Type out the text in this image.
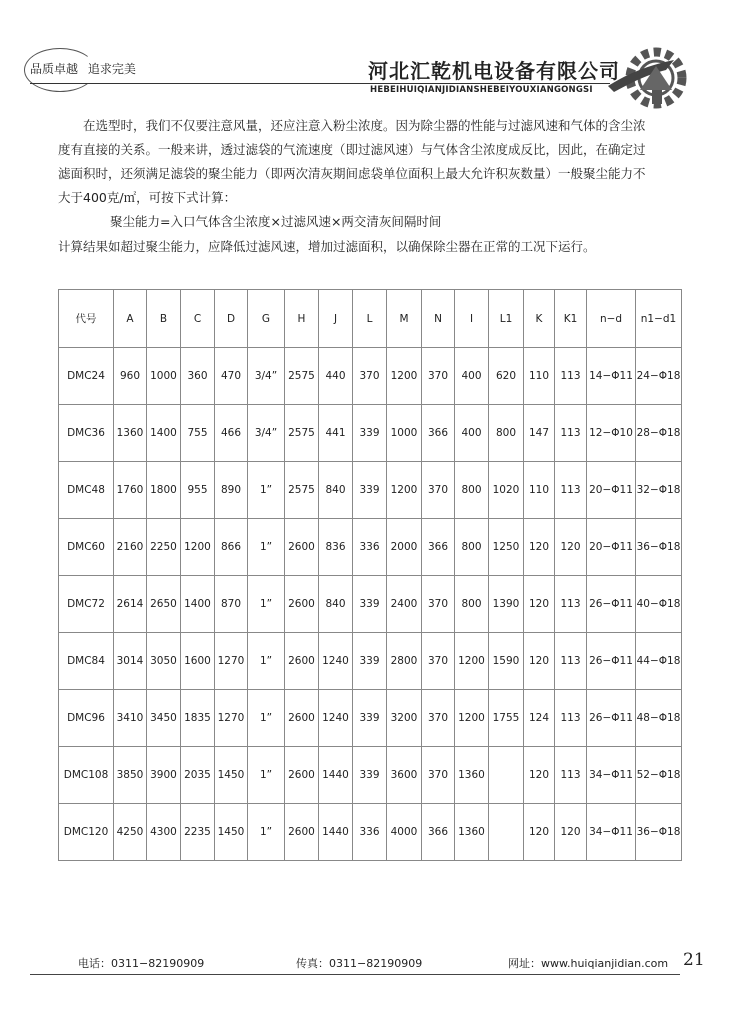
品质卓越 追求完美	河北汇乾机电设备有限公司
HEBEIHUIQIANJIDIANSHEBEIYOUXIANGONGSI
在选型时，我们不仅要注意风量，还应注意入粉尘浓度。因为除尘器的性能与过滤风速和气体的含尘浓
度有直接的关系。一般来讲，透过滤袋的气流速度（即过滤风速）与气体含尘浓度成反比，因此，在确定过
滤面积时，还须满足滤袋的聚尘能力（即两次清灰期间虑袋单位面积上最大允许积灰数量）一般聚尘能力不
大于400克/㎡，可按下式计算：
聚尘能力=入口气体含尘浓度×过滤风速×两交清灰间隔时间
计算结果如超过聚尘能力，应降低过滤风速，增加过滤面积，以确保除尘器在正常的工况下运行。
代号	A	B	C	D	G	H	J	L	M	N	I	L1	K	K1	n−d	n1−d1
DMC24	960	1000	360	470	3/4”	2575	440	370	1200	370	400	620	110	113	14−Φ11	24−Φ18
DMC36	1360	1400	755	466	3/4”	2575	441	339	1000	366	400	800	147	113	12−Φ10	28−Φ18
DMC48	1760	1800	955	890	1”	2575	840	339	1200	370	800	1020	110	113	20−Φ11	32−Φ18
DMC60	2160	2250	1200	866	1”	2600	836	336	2000	366	800	1250	120	120	20−Φ11	36−Φ18
DMC72	2614	2650	1400	870	1”	2600	840	339	2400	370	800	1390	120	113	26−Φ11	40−Φ18
DMC84	3014	3050	1600	1270	1”	2600	1240	339	2800	370	1200	1590	120	113	26−Φ11	44−Φ18
DMC96	3410	3450	1835	1270	1”	2600	1240	339	3200	370	1200	1755	124	113	26−Φ11	48−Φ18
DMC108	3850	3900	2035	1450	1”	2600	1440	339	3600	370	1360		120	113	34−Φ11	52−Φ18
DMC120	4250	4300	2235	1450	1”	2600	1440	336	4000	366	1360		120	120	34−Φ11	36−Φ18
电话：0311−82190909	传真：0311−82190909	网址：www.huiqianjidian.com 21
